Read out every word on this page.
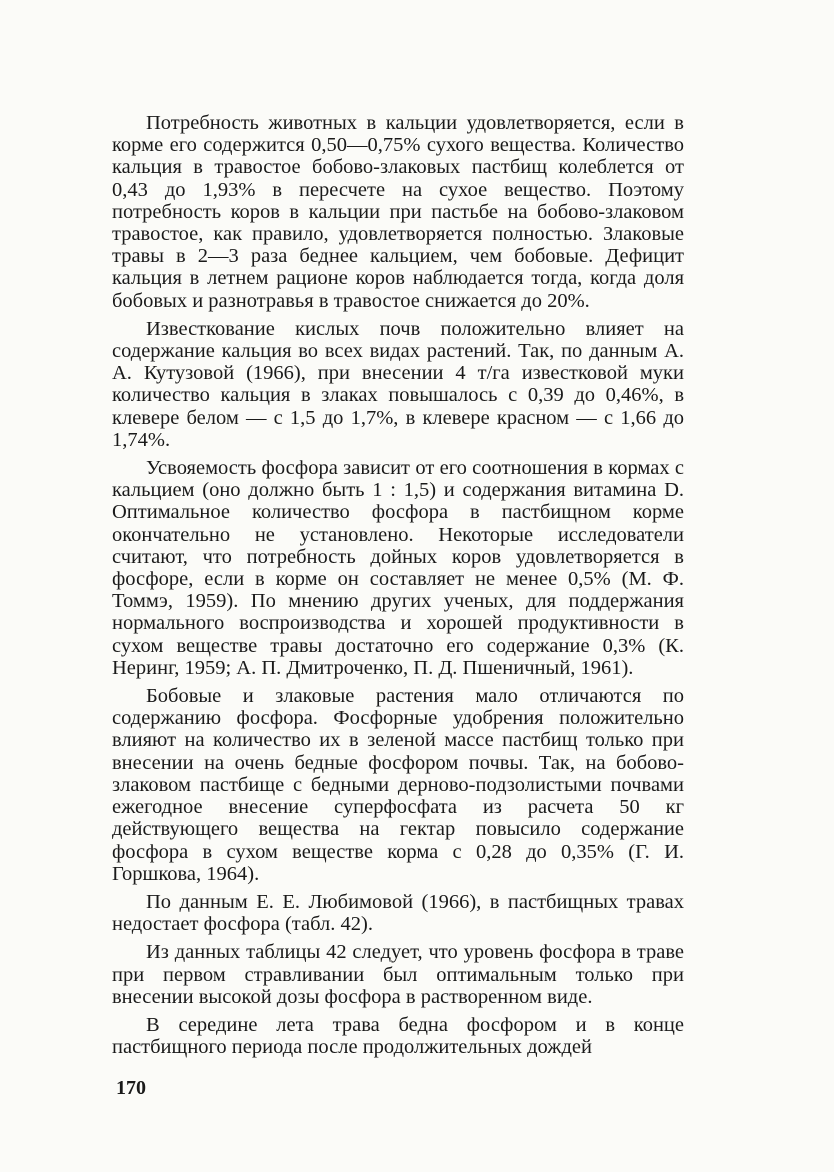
Потребность животных в кальции удовлетворяется, если в корме его содержится 0,50—0,75% сухого вещества. Количество кальция в травостое бобово-злаковых пастбищ колеблется от 0,43 до 1,93% в пересчете на сухое вещество. Поэтому потребность коров в кальции при пастьбе на бобово-злаковом травостое, как правило, удовлетворяется полностью. Злаковые травы в 2—3 раза беднее кальцием, чем бобовые. Дефицит кальция в летнем рационе коров наблюдается тогда, когда доля бобовых и разнотравья в травостое снижается до 20%.

Известкование кислых почв положительно влияет на содержание кальция во всех видах растений. Так, по данным А. А. Кутузовой (1966), при внесении 4 т/га известковой муки количество кальция в злаках повышалось с 0,39 до 0,46%, в клевере белом — с 1,5 до 1,7%, в клевере красном — с 1,66 до 1,74%.

Усвояемость фосфора зависит от его соотношения в кормах с кальцием (оно должно быть 1 : 1,5) и содержания витамина D. Оптимальное количество фосфора в пастбищном корме окончательно не установлено. Некоторые исследователи считают, что потребность дойных коров удовлетворяется в фосфоре, если в корме он составляет не менее 0,5% (М. Ф. Томмэ, 1959). По мнению других ученых, для поддержания нормального воспроизводства и хорошей продуктивности в сухом веществе травы достаточно его содержание 0,3% (К. Неринг, 1959; А. П. Дмитроченко, П. Д. Пшеничный, 1961).

Бобовые и злаковые растения мало отличаются по содержанию фосфора. Фосфорные удобрения положительно влияют на количество их в зеленой массе пастбищ только при внесении на очень бедные фосфором почвы. Так, на бобово-злаковом пастбище с бедными дерново-подзолистыми почвами ежегодное внесение суперфосфата из расчета 50 кг действующего вещества на гектар повысило содержание фосфора в сухом веществе корма с 0,28 до 0,35% (Г. И. Горшкова, 1964).

По данным Е. Е. Любимовой (1966), в пастбищных травах недостает фосфора (табл. 42).

Из данных таблицы 42 следует, что уровень фосфора в траве при первом стравливании был оптимальным только при внесении высокой дозы фосфора в растворенном виде.

В середине лета трава бедна фосфором и в конце пастбищного периода после продолжительных дождей

170
